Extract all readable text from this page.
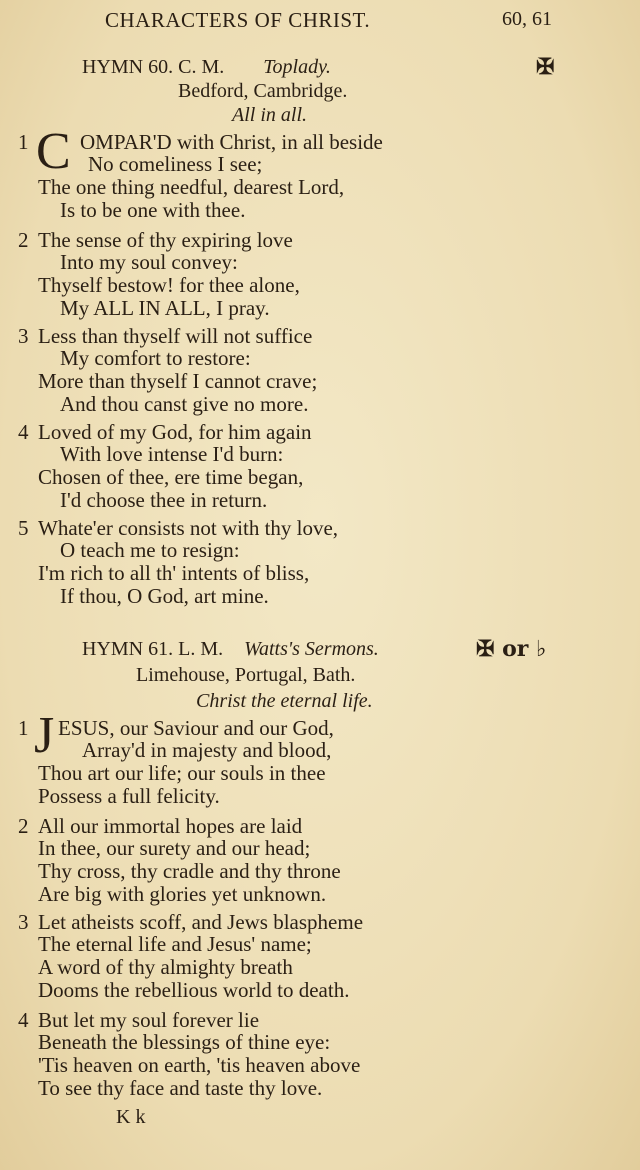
CHARACTERS OF CHRIST.	60, 61
HYMN 60. C. M. Toplady.	✠
Bedford, Cambridge.
All in all.
1 C OMPAR'D with Christ, in all beside
No comeliness I see;
The one thing needful, dearest Lord,
Is to be one with thee.
2 The sense of thy expiring love
Into my soul convey:
Thyself bestow! for thee alone,
My ALL IN ALL, I pray.
3 Less than thyself will not suffice
My comfort to restore:
More than thyself I cannot crave;
And thou canst give no more.
4 Loved of my God, for him again
With love intense I'd burn:
Chosen of thee, ere time began,
I'd choose thee in return.
5 Whate'er consists not with thy love,
O teach me to resign:
I'm rich to all th' intents of bliss,
If thou, O God, art mine.
HYMN 61. L. M. Watts's Sermons.	✠ or ♭
Limehouse, Portugal, Bath.
Christ the eternal life.
1 J ESUS, our Saviour and our God,
Array'd in majesty and blood,
Thou art our life; our souls in thee
Possess a full felicity.
2 All our immortal hopes are laid
In thee, our surety and our head;
Thy cross, thy cradle and thy throne
Are big with glories yet unknown.
3 Let atheists scoff, and Jews blaspheme
The eternal life and Jesus' name;
A word of thy almighty breath
Dooms the rebellious world to death.
4 But let my soul forever lie
Beneath the blessings of thine eye:
'Tis heaven on earth, 'tis heaven above
To see thy face and taste thy love.
K k
